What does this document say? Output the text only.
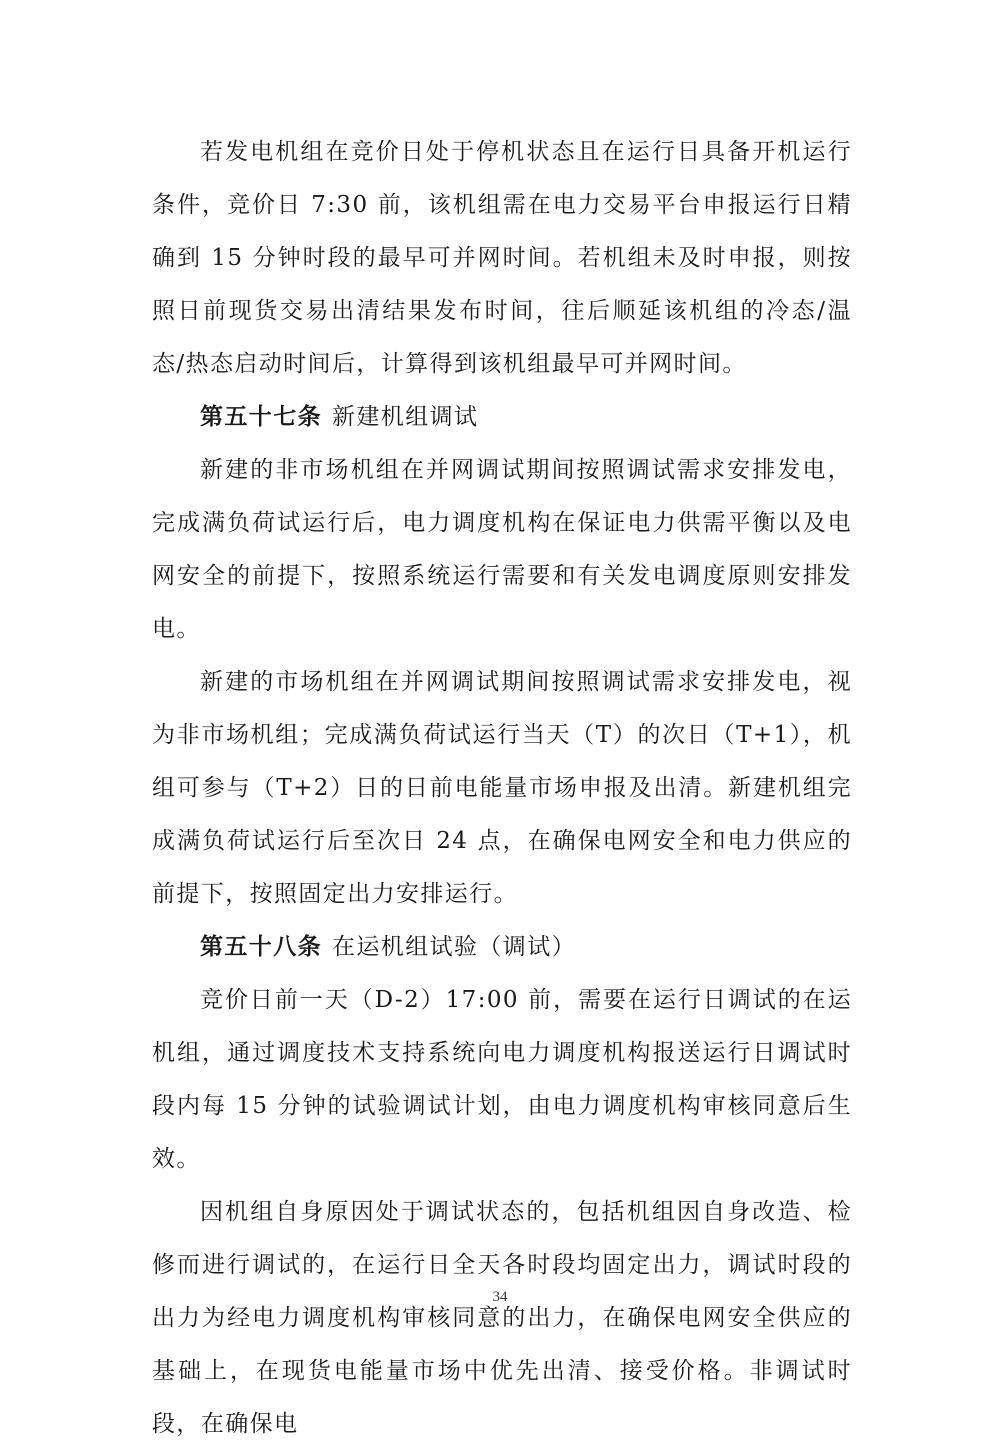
若发电机组在竞价日处于停机状态且在运行日具备开机运行条件，竞价日 7:30 前，该机组需在电力交易平台申报运行日精确到 15 分钟时段的最早可并网时间。若机组未及时申报，则按照日前现货交易出清结果发布时间，往后顺延该机组的冷态/温态/热态启动时间后，计算得到该机组最早可并网时间。

第五十七条 新建机组调试

新建的非市场机组在并网调试期间按照调试需求安排发电，完成满负荷试运行后，电力调度机构在保证电力供需平衡以及电网安全的前提下，按照系统运行需要和有关发电调度原则安排发电。

新建的市场机组在并网调试期间按照调试需求安排发电，视为非市场机组；完成满负荷试运行当天（T）的次日（T+1），机组可参与（T+2）日的日前电能量市场申报及出清。新建机组完成满负荷试运行后至次日 24 点，在确保电网安全和电力供应的前提下，按照固定出力安排运行。

第五十八条 在运机组试验（调试）

竞价日前一天（D-2）17:00 前，需要在运行日调试的在运机组，通过调度技术支持系统向电力调度机构报送运行日调试时段内每 15 分钟的试验调试计划，由电力调度机构审核同意后生效。

因机组自身原因处于调试状态的，包括机组因自身改造、检修而进行调试的，在运行日全天各时段均固定出力，调试时段的出力为经电力调度机构审核同意的出力，在确保电网安全供应的基础上，在现货电能量市场中优先出清、接受价格。非调试时段，在确保电

34
